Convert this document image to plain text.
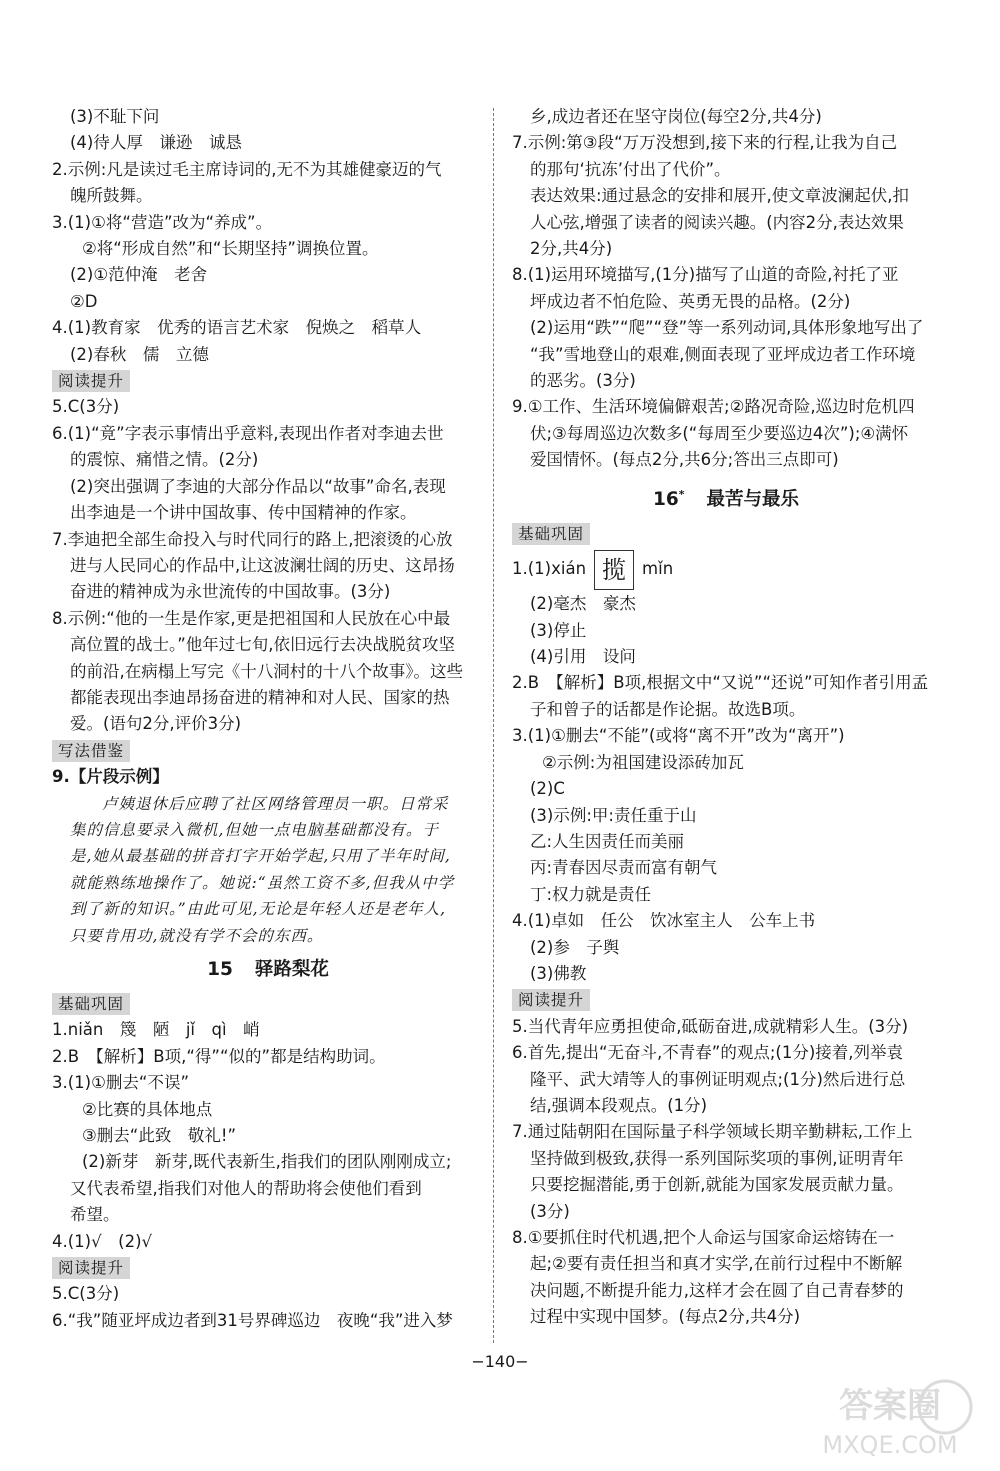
(3)不耻下问
(4)待人厚　谦逊　诚恳
2.示例:凡是读过毛主席诗词的,无不为其雄健豪迈的气
魄所鼓舞。
3.(1)①将“营造”改为“养成”。
②将“形成自然”和“长期坚持”调换位置。
(2)①范仲淹　老舍
②D
4.(1)教育家　优秀的语言艺术家　倪焕之　稻草人
(2)春秋　儒　立德
阅读提升
5.C(3分)
6.(1)“竟”字表示事情出乎意料,表现出作者对李迪去世
的震惊、痛惜之情。(2分)
(2)突出强调了李迪的大部分作品以“故事”命名,表现
出李迪是一个讲中国故事、传中国精神的作家。
7.李迪把全部生命投入与时代同行的路上,把滚烫的心放
进与人民同心的作品中,让这波澜壮阔的历史、这昂扬
奋进的精神成为永世流传的中国故事。(3分)
8.示例:“他的一生是作家,更是把祖国和人民放在心中最
高位置的战士。”他年过七旬,依旧远行去决战脱贫攻坚
的前沿,在病榻上写完《十八洞村的十八个故事》。这些
都能表现出李迪昂扬奋进的精神和对人民、国家的热
爱。(语句2分,评价3分)
写法借鉴
9.【片段示例】
卢姨退休后应聘了社区网络管理员一职。日常采
集的信息要录入微机,但她一点电脑基础都没有。于
是,她从最基础的拼音打字开始学起,只用了半年时间,
就能熟练地操作了。她说:“虽然工资不多,但我从中学
到了新的知识。”由此可见,无论是年轻人还是老年人,
只要肯用功,就没有学不会的东西。
15 驿路梨花
基础巩固
1.niǎn　篾　陋　jǐ　qì　峭
2.B　【解析】B项,“得”“似的”都是结构助词。
3.(1)①删去“不误”
②比赛的具体地点
③删去“此致　敬礼!”
(2)新芽　新芽,既代表新生,指我们的团队刚刚成立;
又代表希望,指我们对他人的帮助将会使他们看到
希望。
4.(1)√　(2)√
阅读提升
5.C(3分)
6.“我”随亚坪成边者到31号界碑巡边　夜晚“我”进入梦
乡,成边者还在坚守岗位(每空2分,共4分)
7.示例:第③段“万万没想到,接下来的行程,让我为自己
的那句‘抗冻’付出了代价”。
表达效果:通过悬念的安排和展开,使文章波澜起伏,扣
人心弦,增强了读者的阅读兴趣。(内容2分,表达效果
2分,共4分)
8.(1)运用环境描写,(1分)描写了山道的奇险,衬托了亚
坪成边者不怕危险、英勇无畏的品格。(2分)
(2)运用“跌”“爬”“登”等一系列动词,具体形象地写出了
“我”雪地登山的艰难,侧面表现了亚坪成边者工作环境
的恶劣。(3分)
9.①工作、生活环境偏僻艰苦;②路况奇险,巡边时危机四
伏;③每周巡边次数多(“每周至少要巡边4次”);④满怀
爱国情怀。(每点2分,共6分;答出三点即可)
16* 最苦与最乐
基础巩固
1.(1)xián 揽 mǐn
(2)毫杰　豪杰
(3)停止
(4)引用　设问
2.B　【解析】B项,根据文中“又说”“还说”可知作者引用孟
子和曾子的话都是作论据。故选B项。
3.(1)①删去“不能”(或将“离不开”改为“离开”)
②示例:为祖国建设添砖加瓦
(2)C
(3)示例:甲:责任重于山
乙:人生因责任而美丽
丙:青春因尽责而富有朝气
丁:权力就是责任
4.(1)卓如　任公　饮冰室主人　公车上书
(2)参　子舆
(3)佛教
阅读提升
5.当代青年应勇担使命,砥砺奋进,成就精彩人生。(3分)
6.首先,提出“无奋斗,不青春”的观点;(1分)接着,列举袁
隆平、武大靖等人的事例证明观点;(1分)然后进行总
结,强调本段观点。(1分)
7.通过陆朝阳在国际量子科学领域长期辛勤耕耘,工作上
坚持做到极致,获得一系列国际奖项的事例,证明青年
只要挖掘潜能,勇于创新,就能为国家发展贡献力量。
(3分)
8.①要抓住时代机遇,把个人命运与国家命运熔铸在一
起;②要有责任担当和真才实学,在前行过程中不断解
决问题,不断提升能力,这样才会在圆了自己青春梦的
过程中实现中国梦。(每点2分,共4分)
−140−
答案圈
MXQE.COM
